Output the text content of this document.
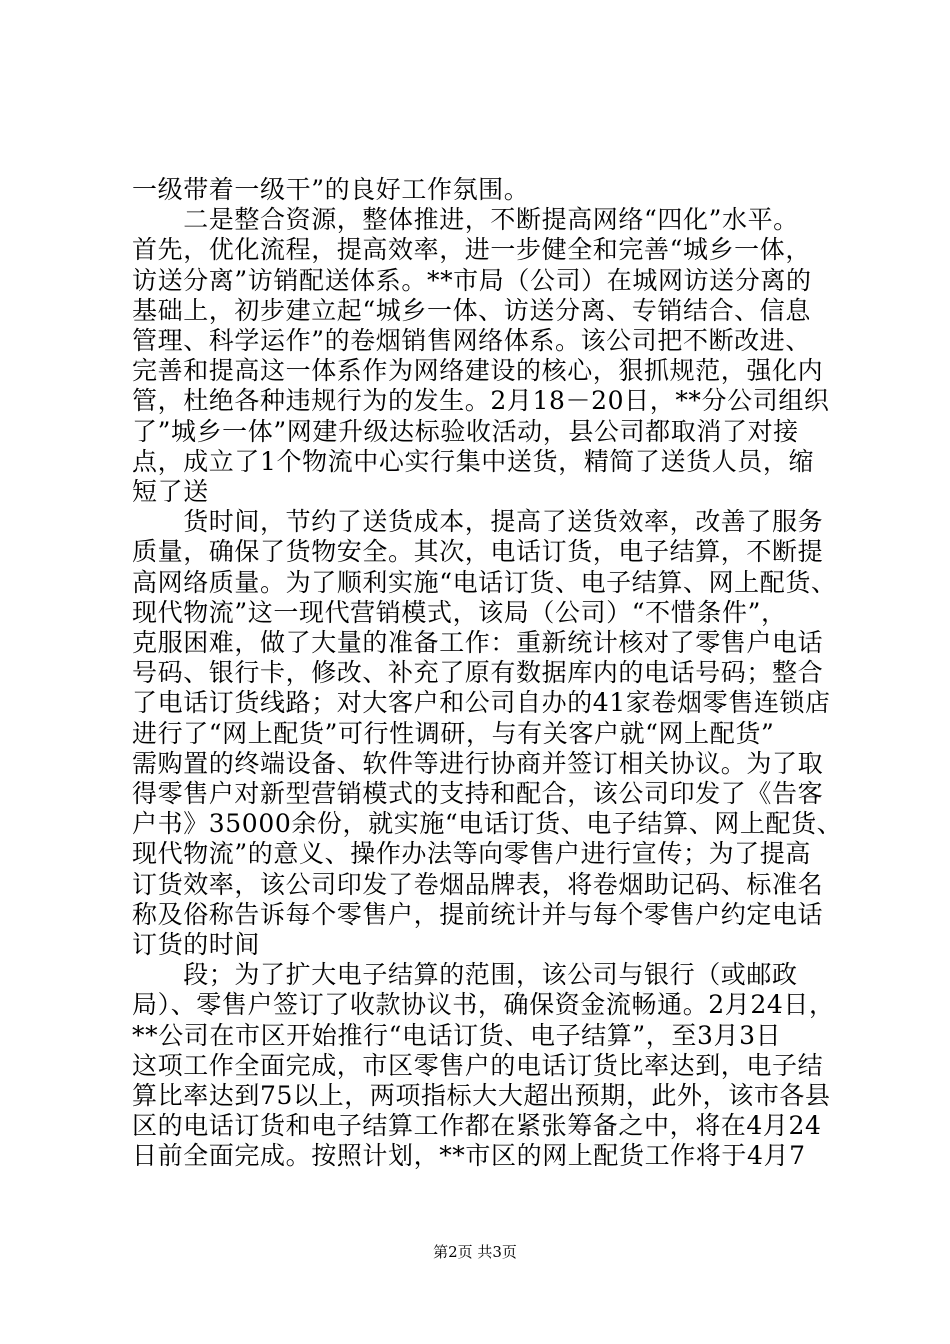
一级带着一级干”的良好工作氛围。
　　二是整合资源，整体推进，不断提高网络“四化”水平。
首先，优化流程，提高效率，进一步健全和完善“城乡一体，
访送分离”访销配送体系。**市局（公司）在城网访送分离的
基础上，初步建立起“城乡一体、访送分离、专销结合、信息
管理、科学运作”的卷烟销售网络体系。该公司把不断改进、
完善和提高这一体系作为网络建设的核心，狠抓规范，强化内
管，杜绝各种违规行为的发生。2月18－20日，**分公司组织
了”城乡一体”网建升级达标验收活动，县公司都取消了对接
点，成立了1个物流中心实行集中送货，精简了送货人员，缩
短了送
　　货时间，节约了送货成本，提高了送货效率，改善了服务
质量，确保了货物安全。其次，电话订货，电子结算，不断提
高网络质量。为了顺利实施“电话订货、电子结算、网上配货、
现代物流”这一现代营销模式，该局（公司）“不惜条件”，
克服困难，做了大量的准备工作：重新统计核对了零售户电话
号码、银行卡，修改、补充了原有数据库内的电话号码；整合
了电话订货线路；对大客户和公司自办的41家卷烟零售连锁店
进行了“网上配货”可行性调研，与有关客户就“网上配货”
需购置的终端设备、软件等进行协商并签订相关协议。为了取
得零售户对新型营销模式的支持和配合，该公司印发了《告客
户书》35000余份，就实施“电话订货、电子结算、网上配货、
现代物流”的意义、操作办法等向零售户进行宣传；为了提高
订货效率，该公司印发了卷烟品牌表，将卷烟助记码、标准名
称及俗称告诉每个零售户，提前统计并与每个零售户约定电话
订货的时间
　　段；为了扩大电子结算的范围，该公司与银行（或邮政
局）、零售户签订了收款协议书，确保资金流畅通。2月24日，
**公司在市区开始推行“电话订货、电子结算”，至3月3日
这项工作全面完成，市区零售户的电话订货比率达到，电子结
算比率达到75以上，两项指标大大超出预期，此外，该市各县
区的电话订货和电子结算工作都在紧张筹备之中，将在4月24
日前全面完成。按照计划，**市区的网上配货工作将于4月7
第2页 共3页
